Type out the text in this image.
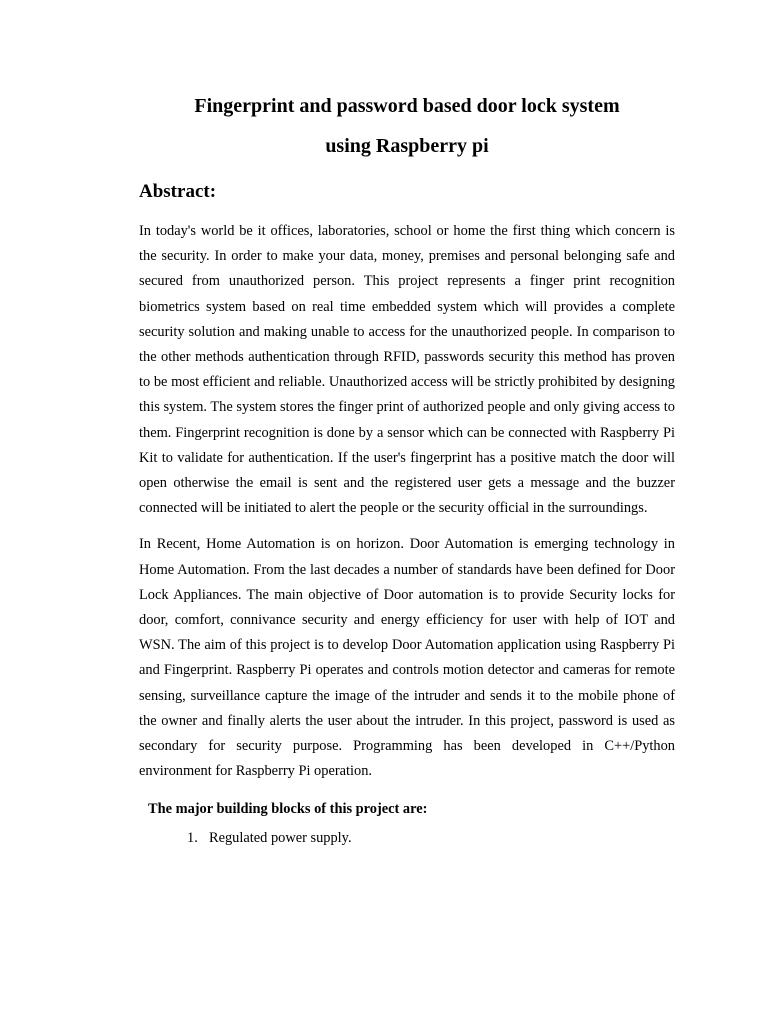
Fingerprint and password based door lock system
using Raspberry pi
Abstract:

In today's world be it offices, laboratories, school or home the first thing which concern is the security. In order to make your data, money, premises and personal belonging safe and secured from unauthorized person. This project represents a finger print recognition biometrics system based on real time embedded system which will provides a complete security solution and making unable to access for the unauthorized people. In comparison to the other methods authentication through RFID, passwords security this method has proven to be most efficient and reliable. Unauthorized access will be strictly prohibited by designing this system. The system stores the finger print of authorized people and only giving access to them. Fingerprint recognition is done by a sensor which can be connected with Raspberry Pi Kit to validate for authentication. If the user's fingerprint has a positive match the door will open otherwise the email is sent and the registered user gets a message and the buzzer connected will be initiated to alert the people or the security official in the surroundings.

In Recent, Home Automation is on horizon. Door Automation is emerging technology in Home Automation. From the last decades a number of standards have been defined for Door Lock Appliances. The main objective of Door automation is to provide Security locks for door, comfort, connivance security and energy efficiency for user with help of IOT and WSN. The aim of this project is to develop Door Automation application using Raspberry Pi and Fingerprint. Raspberry Pi operates and controls motion detector and cameras for remote sensing, surveillance capture the image of the intruder and sends it to the mobile phone of the owner and finally alerts the user about the intruder. In this project, password is used as secondary for security purpose. Programming has been developed in C++/Python environment for Raspberry Pi operation.

The major building blocks of this project are:
1. Regulated power supply.
